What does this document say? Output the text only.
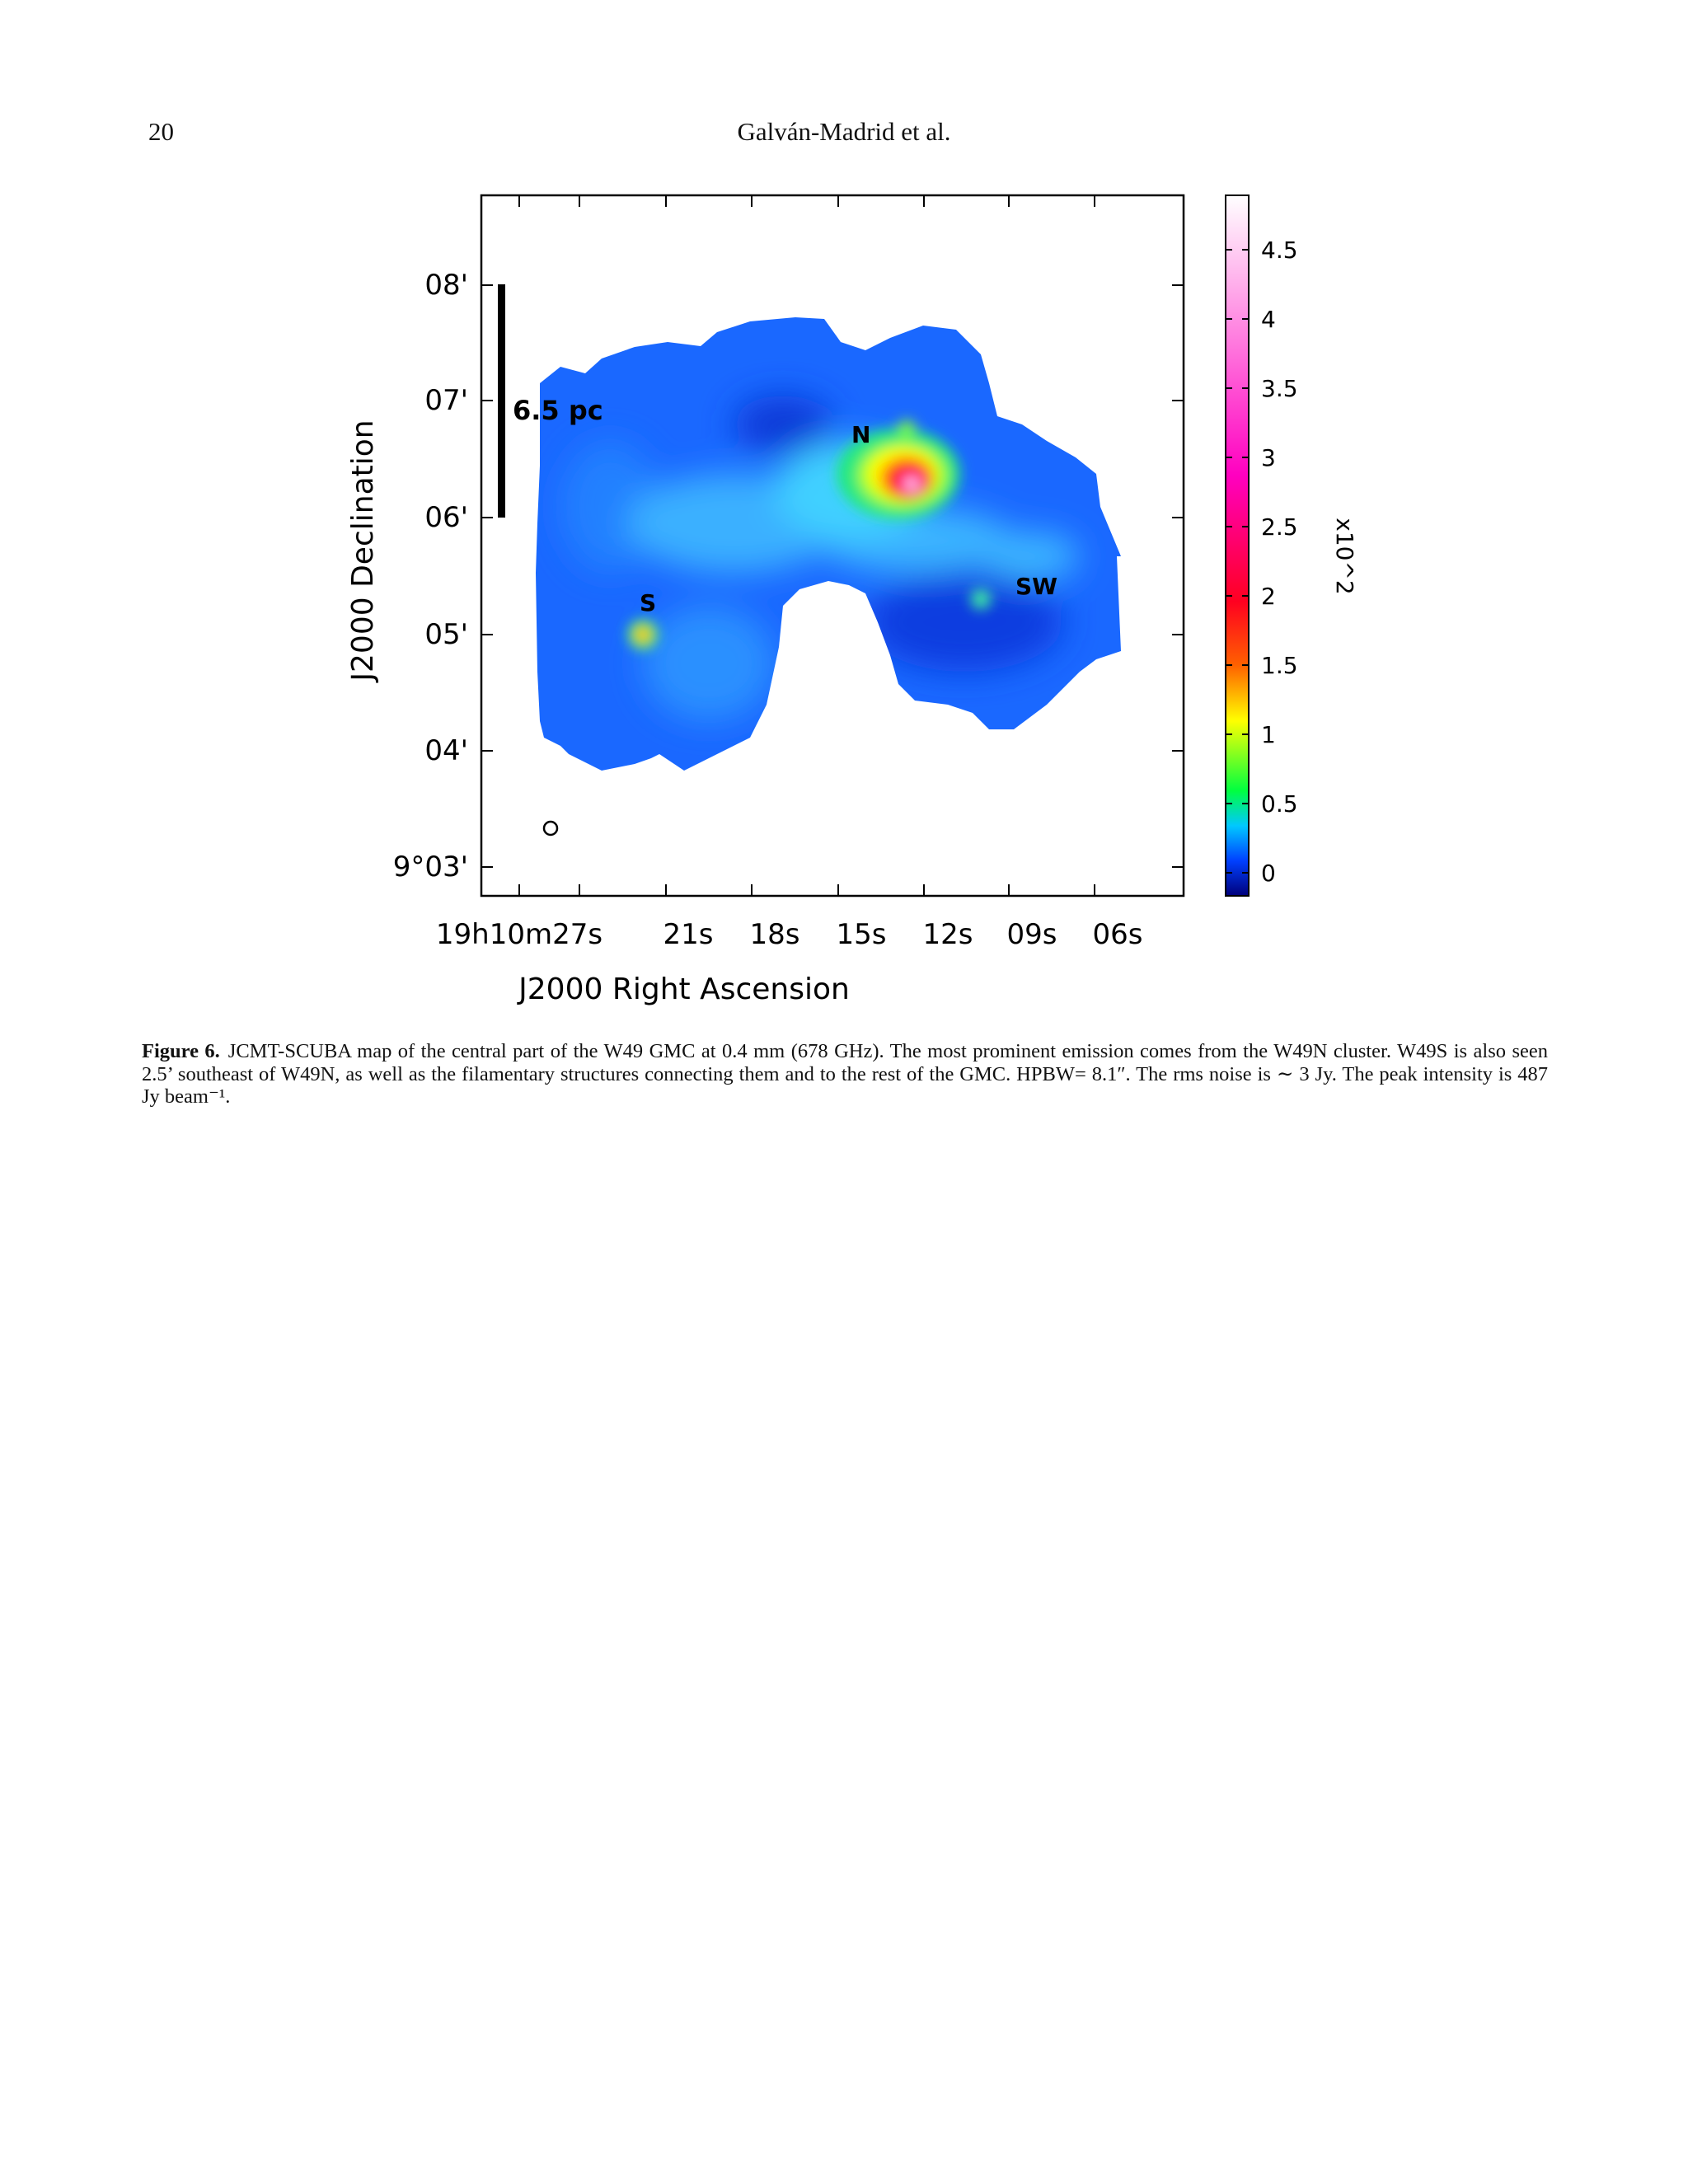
20	Galván-Madrid et al.
6.5 pc
N
S
SW
08'
07'
06'
05'
04'
9°03'
19h10m27s 21s 18s 15s 12s 09s 06s
J2000 Declination
J2000 Right Ascension
4.5
4
3.5
3
2.5
2
1.5
1
0.5
0
x10^2
Figure 6. JCMT-SCUBA map of the central part of the W49 GMC at 0.4 mm (678 GHz). The most prominent emission comes from the W49N cluster. W49S is also seen 2.5’ southeast of W49N, as well as the filamentary structures connecting them and to the rest of the GMC. HPBW= 8.1″. The rms noise is ∼ 3 Jy. The peak intensity is 487 Jy beam⁻¹.
